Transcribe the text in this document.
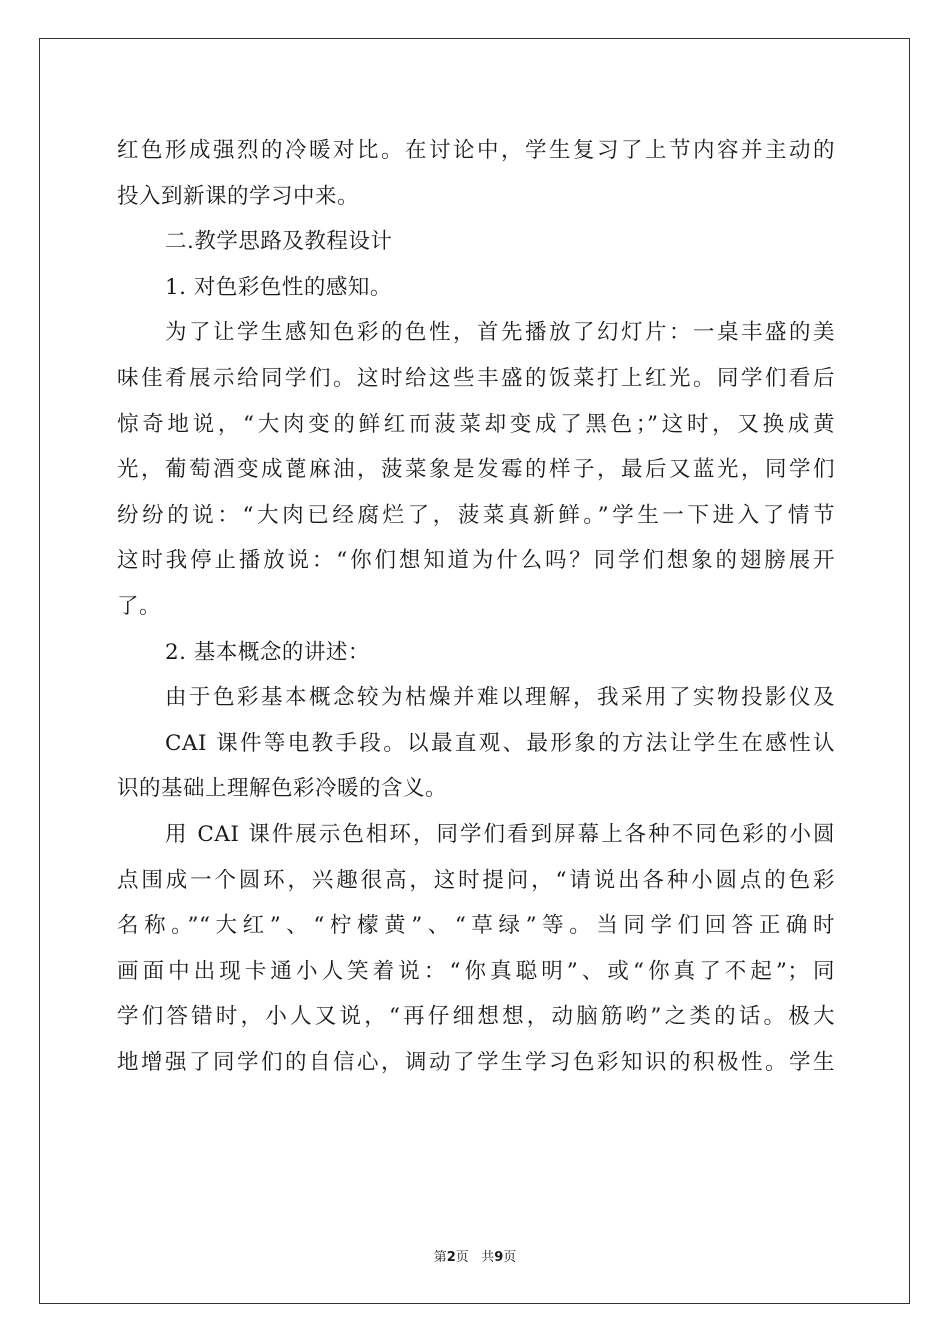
红色形成强烈的冷暖对比。在讨论中，学生复习了上节内容并主动的
投入到新课的学习中来。
二.教学思路及教程设计
1. 对色彩色性的感知。
为了让学生感知色彩的色性，首先播放了幻灯片：一桌丰盛的美
味佳肴展示给同学们。这时给这些丰盛的饭菜打上红光。同学们看后
惊奇地说，“大肉变的鲜红而菠菜却变成了黑色；”这时，又换成黄
光，葡萄酒变成蓖麻油，菠菜象是发霉的样子，最后又蓝光，同学们
纷纷的说：“大肉已经腐烂了，菠菜真新鲜。”学生一下进入了情节
这时我停止播放说：“你们想知道为什么吗？同学们想象的翅膀展开
了。
2. 基本概念的讲述：
由于色彩基本概念较为枯燥并难以理解，我采用了实物投影仪及
CAI 课件等电教手段。以最直观、最形象的方法让学生在感性认
识的基础上理解色彩冷暖的含义。
用 CAI 课件展示色相环，同学们看到屏幕上各种不同色彩的小圆
点围成一个圆环，兴趣很高，这时提问，“请说出各种小圆点的色彩
名称。”“大红”、“柠檬黄”、“草绿”等。当同学们回答正确时
画面中出现卡通小人笑着说：“你真聪明”、或“你真了不起”；同
学们答错时，小人又说，“再仔细想想，动脑筋哟”之类的话。极大
地增强了同学们的自信心，调动了学生学习色彩知识的积极性。学生
第2页 共9页
